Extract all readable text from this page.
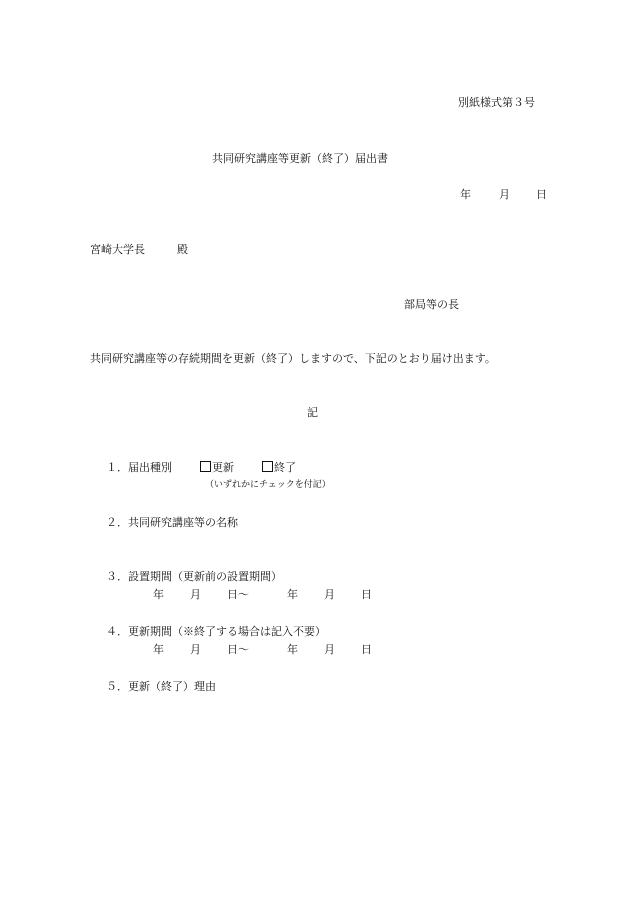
別紙様式第３号
共同研究講座等更新（終了）届出書
年	月 日
宮崎大学長	殿
部局等の長
共同研究講座等の存続期間を更新（終了）しますので、下記のとおり届け出ます。
記
１．届出種別	更新	終了
（いずれかにチェックを付記）
２．共同研究講座等の名称
３．設置期間（更新前の設置期間）
年 月 日〜	年 月 日
４．更新期間（※終了する場合は記入不要）
年 月 日〜	年 月 日
５．更新（終了）理由
